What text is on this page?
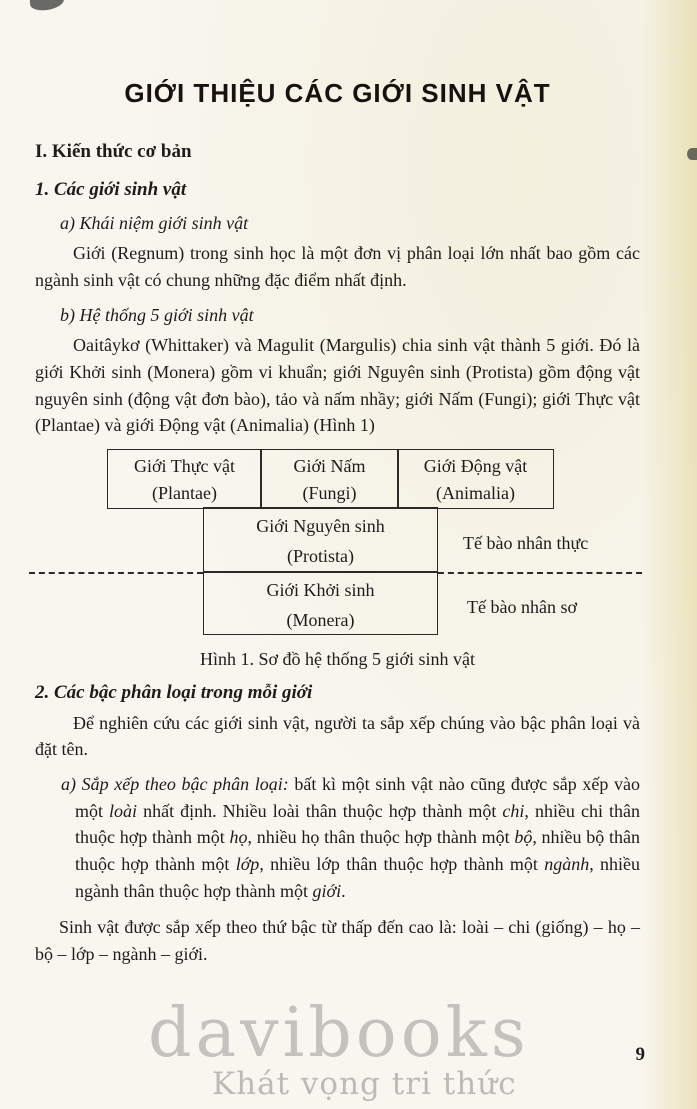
GIỚI THIỆU CÁC GIỚI SINH VẬT
I. Kiến thức cơ bản
1. Các giới sinh vật
a) Khái niệm giới sinh vật

Giới (Regnum) trong sinh học là một đơn vị phân loại lớn nhất bao gồm các ngành sinh vật có chung những đặc điểm nhất định.

b) Hệ thống 5 giới sinh vật

Oaitâykơ (Whittaker) và Magulit (Margulis) chia sinh vật thành 5 giới. Đó là giới Khởi sinh (Monera) gồm vi khuẩn; giới Nguyên sinh (Protista) gồm động vật nguyên sinh (động vật đơn bào), tảo và nấm nhầy; giới Nấm (Fungi); giới Thực vật (Plantae) và giới Động vật (Animalia) (Hình 1)

Giới Thực vật
(Plantae)
Giới Nấm
(Fungi)
Giới Động vật
(Animalia)
Giới Nguyên sinh
(Protista)
Giới Khởi sinh
(Monera)
Tế bào nhân thực
Tế bào nhân sơ
Hình 1. Sơ đồ hệ thống 5 giới sinh vật
2. Các bậc phân loại trong mỗi giới

Để nghiên cứu các giới sinh vật, người ta sắp xếp chúng vào bậc phân loại và đặt tên.

a) Sắp xếp theo bậc phân loại: bất kì một sinh vật nào cũng được sắp xếp vào một loài nhất định. Nhiều loài thân thuộc hợp thành một chi, nhiều chi thân thuộc hợp thành một họ, nhiều họ thân thuộc hợp thành một bộ, nhiều bộ thân thuộc hợp thành một lớp, nhiều lớp thân thuộc hợp thành một ngành, nhiều ngành thân thuộc hợp thành một giới.

Sinh vật được sắp xếp theo thứ bậc từ thấp đến cao là: loài – chi (giống) – họ – bộ – lớp – ngành – giới.

davibooks
Khát vọng tri thức
9
